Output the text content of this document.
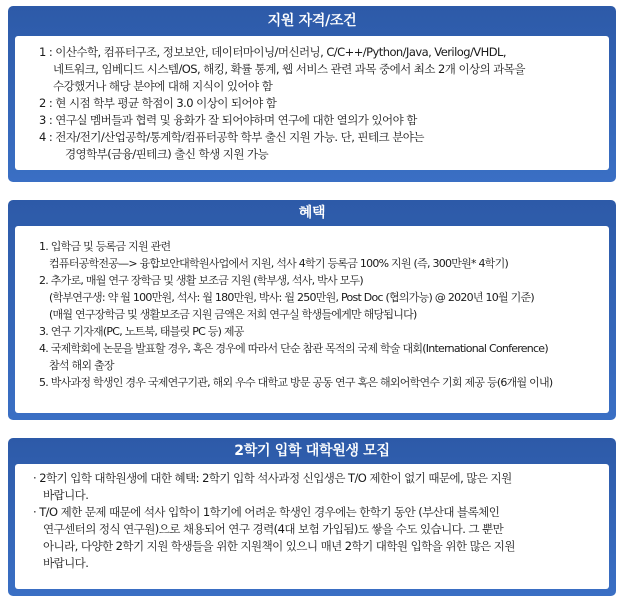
지원 자격/조건
1 : 이산수학, 컴퓨터구조, 정보보안, 데이터마이닝/머신러닝, C/C++/Python/Java, Verilog/VHDL,
네트워크, 임베디드 시스템/OS, 해킹, 확률 통계, 웹 서비스 관련 과목 중에서 최소 2개 이상의 과목을
수강했거나 해당 분야에 대해 지식이 있어야 함
2 : 현 시점 학부 평균 학점이 3.0 이상이 되어야 함
3 : 연구실 멤버들과 협력 및 융화가 잘 되어야하며 연구에 대한 열의가 있어야 함
4 : 전자/전기/산업공학/통계학/컴퓨터공학 학부 출신 지원 가능. 단, 핀테크 분야는
경영학부(금융/핀테크) 출신 학생 지원 가능
혜택
1. 입학금 및 등록금 지원 관련
컴퓨터공학전공—> 융합보안대학원사업에서 지원, 석사 4학기 등록금 100% 지원 (즉, 300만원* 4학기)
2. 추가로, 매월 연구 장학금 및 생활 보조금 지원 (학부생, 석사, 박사 모두)
(학부연구생: 약 월 100만원, 석사: 월 180만원, 박사: 월 250만원, Post Doc (협의가능) @ 2020년 10월 기준)
(매월 연구장학금 및 생활보조금 지원 금액은 저희 연구실 학생들에게만 해당됩니다)
3. 연구 기자재(PC, 노트북, 태블릿 PC 등) 제공
4. 국제학회에 논문을 발표할 경우, 혹은 경우에 따라서 단순 참관 목적의 국제 학술 대회(International Conference)
참석 해외 출장
5. 박사과정 학생인 경우 국제연구기관, 해외 우수 대학교 방문 공동 연구 혹은 해외어학연수 기회 제공 등(6개월 이내)
2학기 입학 대학원생 모집
· 2학기 입학 대학원생에 대한 혜택: 2학기 입학 석사과정 신입생은 T/O 제한이 없기 때문에, 많은 지원
바랍니다.
· T/O 제한 문제 때문에 석사 입학이 1학기에 어려운 학생인 경우에는 한학기 동안 (부산대 블록체인
연구센터의 정식 연구원)으로 채용되어 연구 경력(4대 보험 가입됨)도 쌓을 수도 있습니다. 그 뿐만
아니라, 다양한 2학기 지원 학생들을 위한 지원책이 있으니 매년 2학기 대학원 입학을 위한 많은 지원
바랍니다.
